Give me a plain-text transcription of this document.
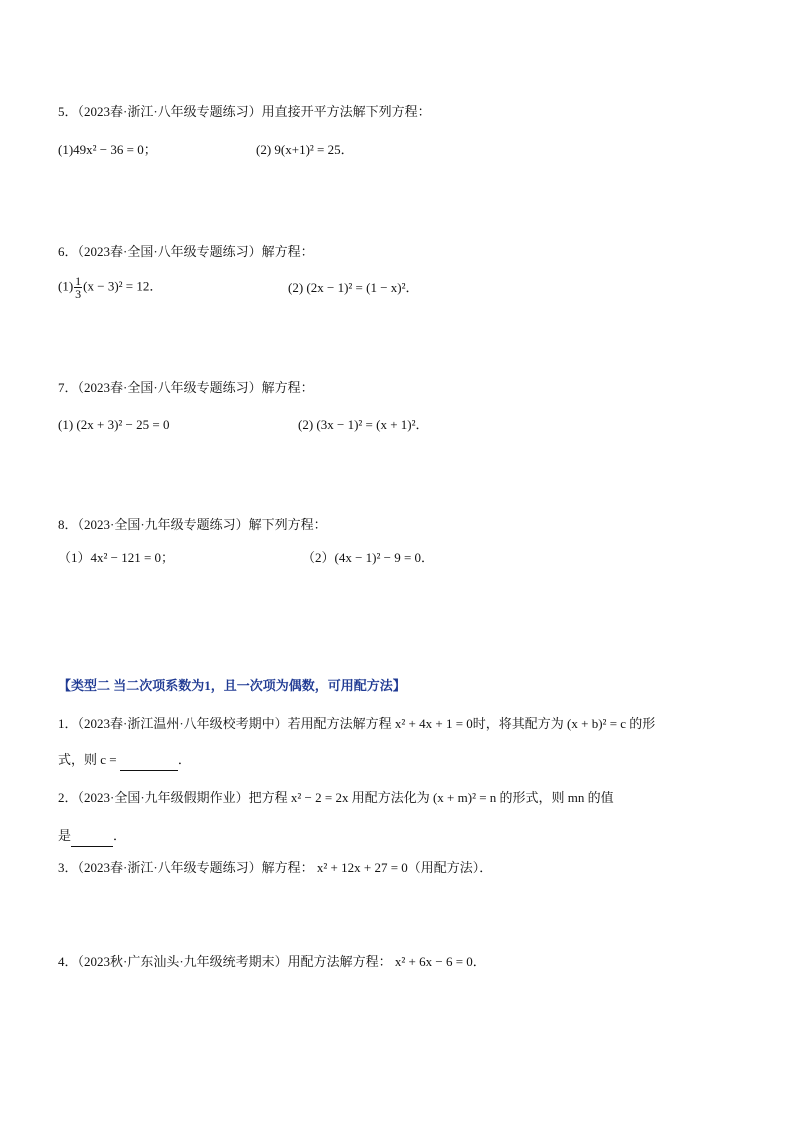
5．（2023春·浙江·八年级专题练习）用直接开平方法解下列方程：
(1)49x² − 36 = 0；	(2) 9(x+1)² = 25．
6．（2023春·全国·八年级专题练习）解方程：
$(1) \frac{1}{3} (x - 3)^2 = 12$．	(2) (2x − 1)² = (1 − x)²．
7．（2023春·全国·八年级专题练习）解方程：
(1) (2x + 3)² − 25 = 0	(2) (3x − 1)² = (x + 1)²．
8．（2023·全国·九年级专题练习）解下列方程：
（1）4x² − 121 = 0；	（2）(4x − 1)² − 9 = 0．
【类型二 当二次项系数为1，且一次项为偶数，可用配方法】
1．（2023春·浙江温州·八年级校考期中）若用配方法解方程 x² + 4x + 1 = 0时，将其配方为 (x + b)² = c 的形
式，则 c =	．
2．（2023·全国·九年级假期作业）把方程 x² − 2 = 2x 用配方法化为 (x + m)² = n 的形式，则 mn 的值
是	．
3．（2023春·浙江·八年级专题练习）解方程： x² + 12x + 27 = 0（用配方法）．
4．（2023秋·广东汕头·九年级统考期末）用配方法解方程： x² + 6x − 6 = 0．
